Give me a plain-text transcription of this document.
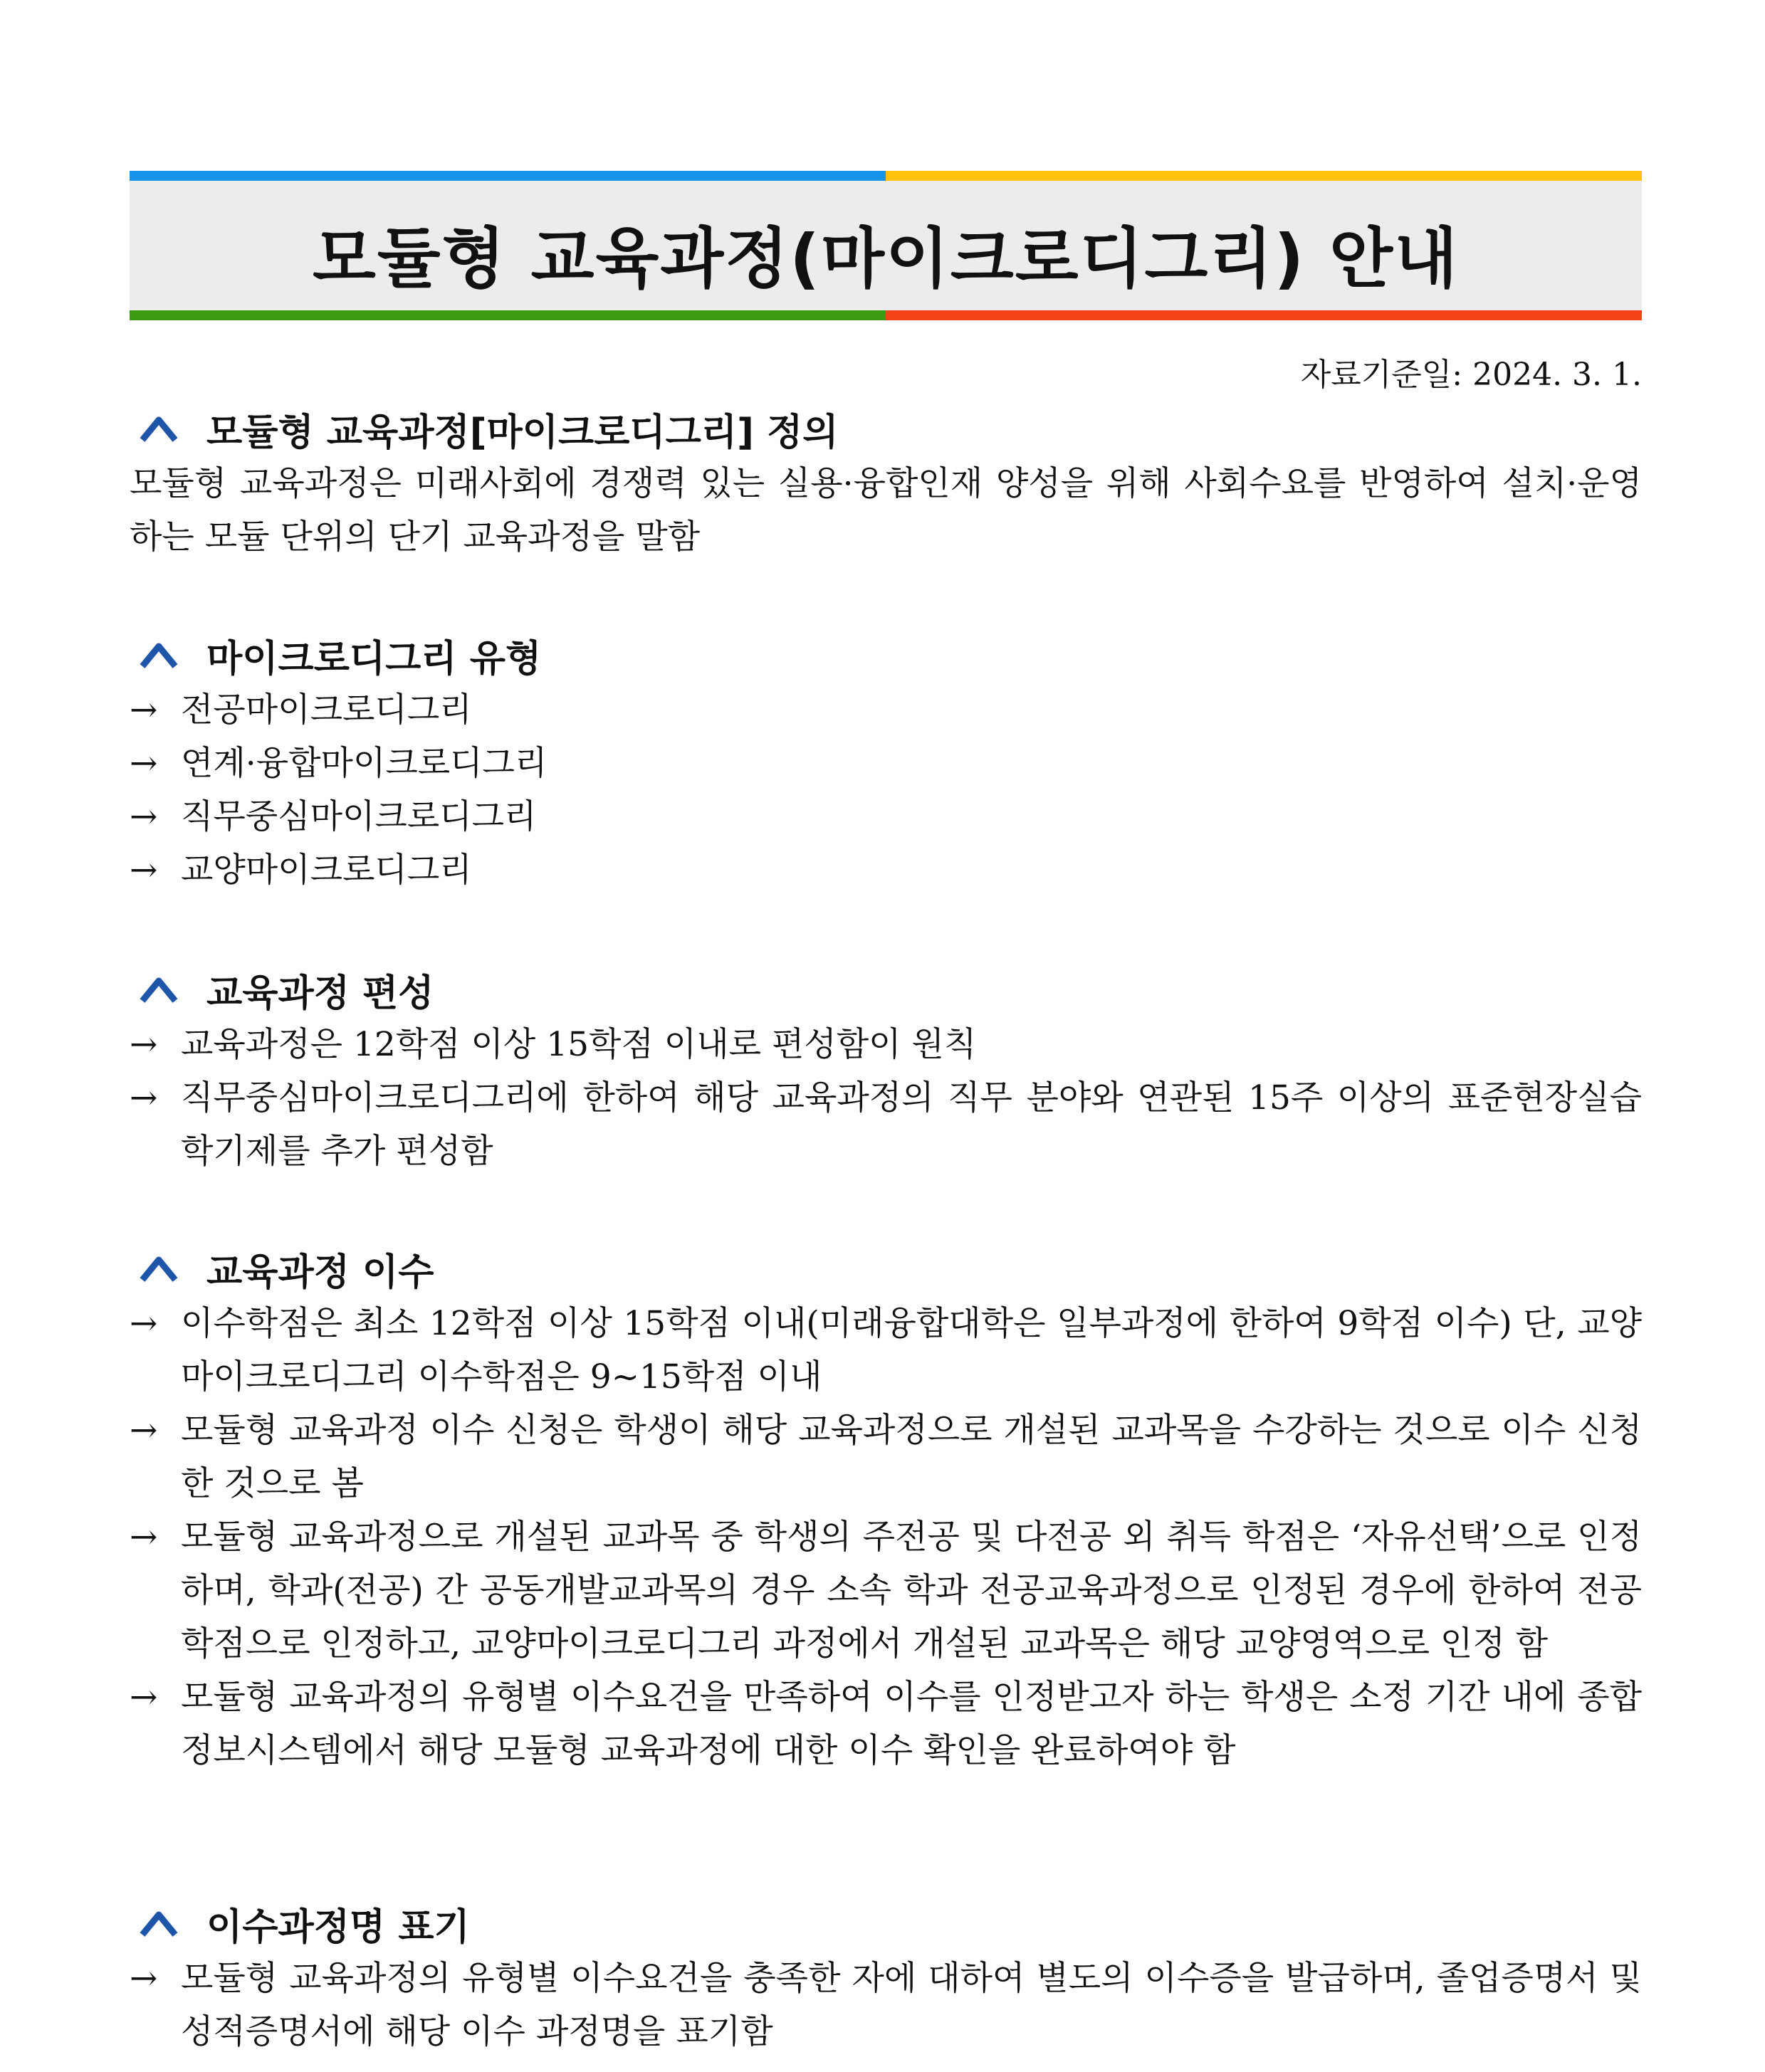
모듈형 교육과정(마이크로디그리) 안내
자료기준일: 2024. 3. 1.
모듈형 교육과정[마이크로디그리] 정의
모듈형 교육과정은 미래사회에 경쟁력 있는 실용·융합인재 양성을 위해 사회수요를 반영하여 설치·운영하는 모듈 단위의 단기 교육과정을 말함
마이크로디그리 유형
→ 전공마이크로디그리
→ 연계·융합마이크로디그리
→ 직무중심마이크로디그리
→ 교양마이크로디그리
교육과정 편성
→ 교육과정은 12학점 이상 15학점 이내로 편성함이 원칙
→ 직무중심마이크로디그리에 한하여 해당 교육과정의 직무 분야와 연관된 15주 이상의 표준현장실습학기제를 추가 편성함
교육과정 이수
→ 이수학점은 최소 12학점 이상 15학점 이내(미래융합대학은 일부과정에 한하여 9학점 이수) 단, 교양마이크로디그리 이수학점은 9~15학점 이내
→ 모듈형 교육과정 이수 신청은 학생이 해당 교육과정으로 개설된 교과목을 수강하는 것으로 이수 신청한 것으로 봄
→ 모듈형 교육과정으로 개설된 교과목 중 학생의 주전공 및 다전공 외 취득 학점은 ‘자유선택’으로 인정하며, 학과(전공) 간 공동개발교과목의 경우 소속 학과 전공교육과정으로 인정된 경우에 한하여 전공학점으로 인정하고, 교양마이크로디그리 과정에서 개설된 교과목은 해당 교양영역으로 인정 함
→ 모듈형 교육과정의 유형별 이수요건을 만족하여 이수를 인정받고자 하는 학생은 소정 기간 내에 종합정보시스템에서 해당 모듈형 교육과정에 대한 이수 확인을 완료하여야 함
이수과정명 표기
→ 모듈형 교육과정의 유형별 이수요건을 충족한 자에 대하여 별도의 이수증을 발급하며, 졸업증명서 및 성적증명서에 해당 이수 과정명을 표기함
